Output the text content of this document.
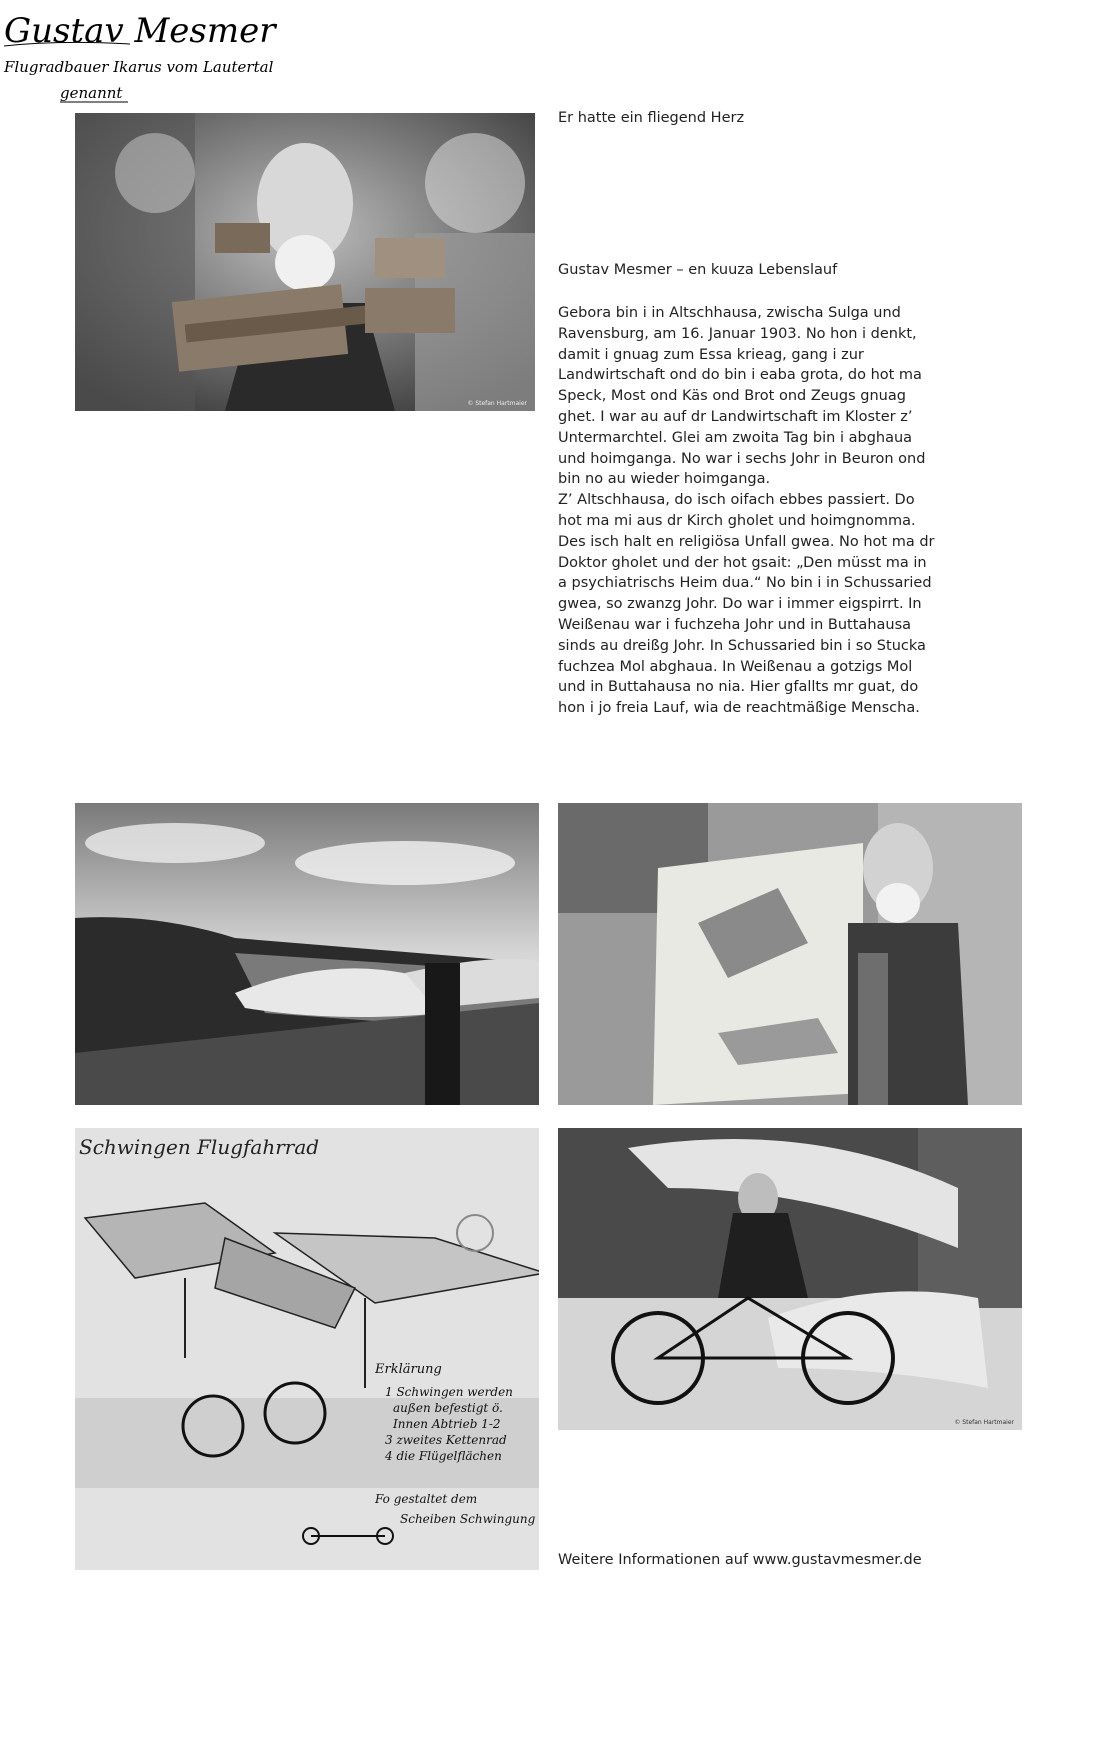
© Stefan Hartmaier
Er hatte ein fliegend Herz
Gustav Mesmer
Flugradbauer Ikarus vom Lautertal
genannt
Gustav Mesmer – en kuuza Lebenslauf

Gebora bin i in Altschhausa, zwischa Sulga und Ravensburg, am 16. Januar 1903. No hon i denkt, damit i gnuag zum Essa kriea​g, gang i zur Landwirtschaft ond do bin i eaba grota, do hot ma Speck, Most ond Käs ond Brot ond Zeugs gnuag ghet. I war au auf dr Landwirtschaft im Kloster z’ Untermarchtel. Glei am zwoita Tag bin i abghaua und hoimganga. No war i sechs Johr in Beuron ond bin no au wieder hoimganga.

Z’ Altschhausa, do isch oifach ebbes passiert. Do hot ma mi aus dr Kirch gholet und hoimgnomma. Des isch halt en religiösa Unfall gwea. No hot ma dr Doktor gholet und der hot gsait: „Den müsst ma in a psychiatrischs Heim dua.“ No bin i in Schussaried gwea, so zwanzg Johr. Do war i immer eigspirrt. In Weißenau war i fuchzeha Johr und in Buttahausa sinds au dreißg Johr. In Schussaried bin i so Stucka fuchzea Mol abghaua. In Weißenau a gotzigs Mol und in Buttahausa no nia. Hier gfallts mr guat, do hon i jo freia Lauf, wia de reachtmäßige Menscha.

Schwingen Flugfahrrad
Erklärung
1 Schwingen werden
außen befestigt ö.
Innen Abtrieb 1-2
3 zweites Kettenrad
4 die Flügelflächen
Fo gestaltet dem
Scheiben Schwingung
© Stefan Hartmaier
Weitere Informationen auf www.gustavmesmer.de
